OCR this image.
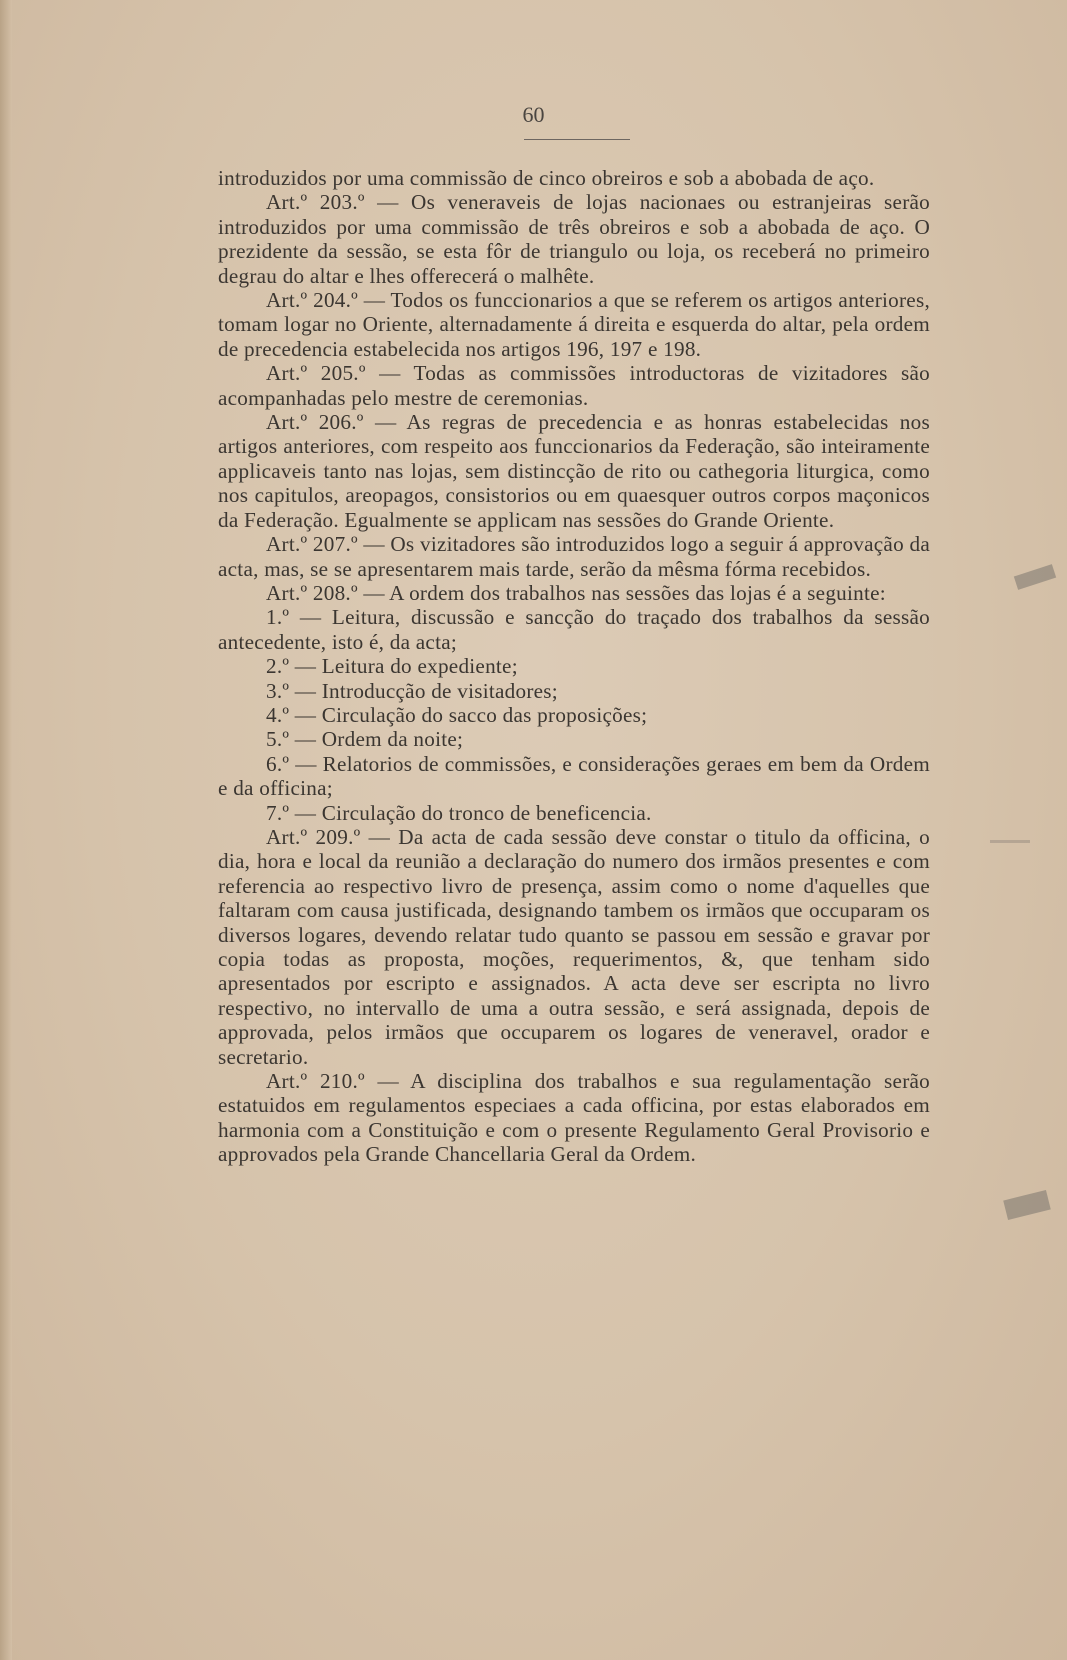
60

introduzidos por uma commissão de cinco obreiros e sob a abobada de aço.

Art.º 203.º — Os veneraveis de lojas nacionaes ou estranjeiras serão introduzidos por uma commissão de três obreiros e sob a abobada de aço. O prezidente da sessão, se esta fôr de triangulo ou loja, os receberá no primeiro degrau do altar e lhes offerecerá o malhête.

Art.º 204.º — Todos os funccionarios a que se referem os artigos anteriores, tomam logar no Oriente, alternadamente á direita e esquerda do altar, pela ordem de precedencia estabelecida nos artigos 196, 197 e 198.

Art.º 205.º — Todas as commissões introductoras de vizitadores são acompanhadas pelo mestre de ceremonias.

Art.º 206.º — As regras de precedencia e as honras estabelecidas nos artigos anteriores, com respeito aos funccionarios da Federação, são inteiramente applicaveis tanto nas lojas, sem distincção de rito ou cathegoria liturgica, como nos capitulos, areopagos, consistorios ou em quaesquer outros corpos maçonicos da Federação. Egualmente se applicam nas sessões do Grande Oriente.

Art.º 207.º — Os vizitadores são introduzidos logo a seguir á approvação da acta, mas, se se apresentarem mais tarde, serão da mêsma fórma recebidos.

Art.º 208.º — A ordem dos trabalhos nas sessões das lojas é a seguinte:

1.º — Leitura, discussão e sancção do traçado dos trabalhos da sessão antecedente, isto é, da acta;

2.º — Leitura do expediente;

3.º — Introducção de visitadores;

4.º — Circulação do sacco das proposições;

5.º — Ordem da noite;

6.º — Relatorios de commissões, e considerações geraes em bem da Ordem e da officina;

7.º — Circulação do tronco de beneficencia.

Art.º 209.º — Da acta de cada sessão deve constar o titulo da officina, o dia, hora e local da reunião a declaração do numero dos irmãos presentes e com referencia ao respectivo livro de presença, assim como o nome d'aquelles que faltaram com causa justificada, designando tambem os irmãos que occuparam os diversos logares, devendo relatar tudo quanto se passou em sessão e gravar por copia todas as proposta, moções, requerimentos, &, que tenham sido apresentados por escripto e assignados. A acta deve ser escripta no livro respectivo, no intervallo de uma a outra sessão, e será assignada, depois de approvada, pelos irmãos que occuparem os logares de veneravel, orador e secretario.

Art.º 210.º — A disciplina dos trabalhos e sua regulamentação serão estatuidos em regulamentos especiaes a cada officina, por estas elaborados em harmonia com a Constituição e com o presente Regulamento Geral Provisorio e approvados pela Grande Chancellaria Geral da Ordem.
